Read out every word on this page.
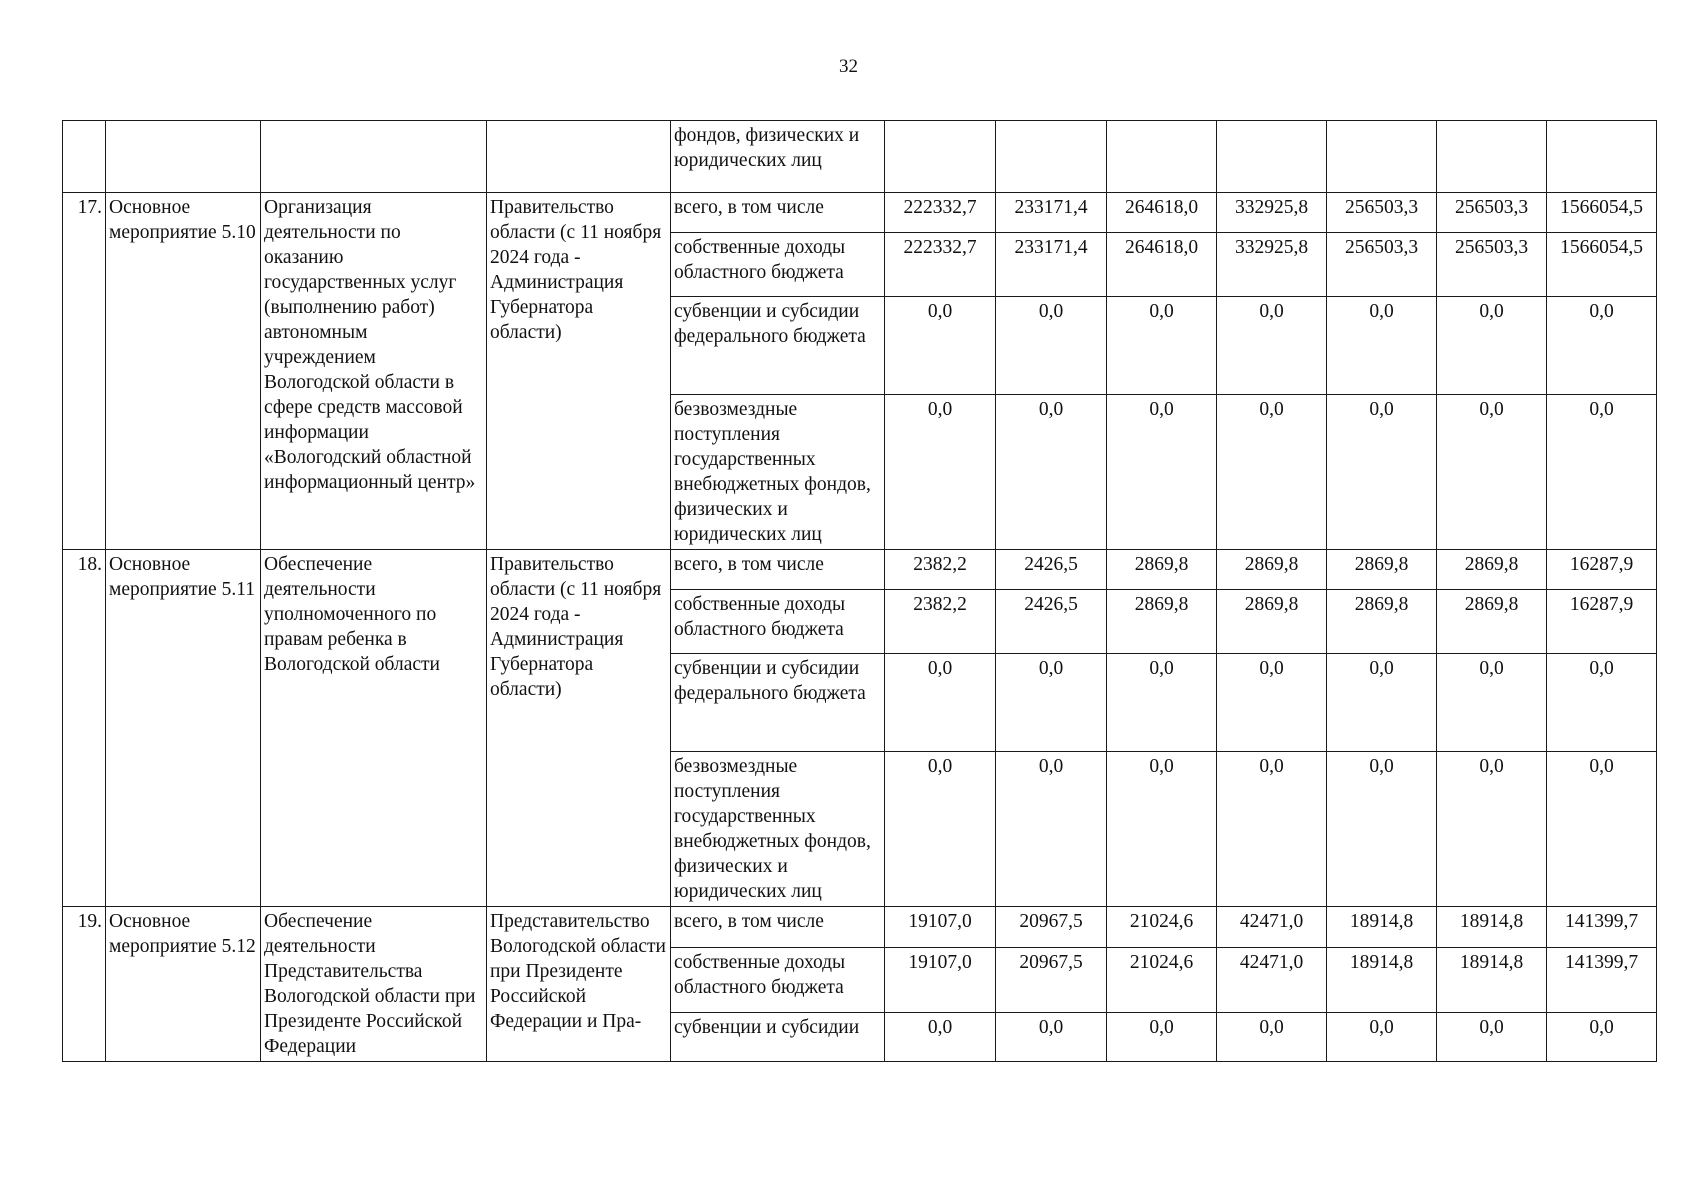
32
				фондов, физических и юридических лиц							
17.	Основное мероприятие 5.10	Организация деятельности по оказанию государственных услуг (выполнению работ) автономным учреждением Вологодской области в сфере средств массовой информации «Вологодский областной информационный центр»	Правительство области (с 11 ноября 2024 года - Администрация Губернатора области)	всего, в том числе	222332,7	233171,4	264618,0	332925,8	256503,3	256503,3	1566054,5
				собственные доходы областного бюджета	222332,7	233171,4	264618,0	332925,8	256503,3	256503,3	1566054,5
				субвенции и субсидии федерального бюджета	0,0	0,0	0,0	0,0	0,0	0,0	0,0
				безвозмездные поступления государственных внебюджетных фондов, физических и юридических лиц	0,0	0,0	0,0	0,0	0,0	0,0	0,0
18.	Основное мероприятие 5.11	Обеспечение деятельности уполномоченного по правам ребенка в Вологодской области	Правительство области (с 11 ноября 2024 года - Администрация Губернатора области)	всего, в том числе	2382,2	2426,5	2869,8	2869,8	2869,8	2869,8	16287,9
				собственные доходы областного бюджета	2382,2	2426,5	2869,8	2869,8	2869,8	2869,8	16287,9
				субвенции и субсидии федерального бюджета	0,0	0,0	0,0	0,0	0,0	0,0	0,0
				безвозмездные поступления государственных внебюджетных фондов, физических и юридических лиц	0,0	0,0	0,0	0,0	0,0	0,0	0,0
19.	Основное мероприятие 5.12	Обеспечение деятельности Представительства Вологодской области при Президенте Российской Федерации	Представительство Вологодской области при Президенте Российской Федерации и Пра-	всего, в том числе	19107,0	20967,5	21024,6	42471,0	18914,8	18914,8	141399,7
				собственные доходы областного бюджета	19107,0	20967,5	21024,6	42471,0	18914,8	18914,8	141399,7
				субвенции и субсидии	0,0	0,0	0,0	0,0	0,0	0,0	0,0
